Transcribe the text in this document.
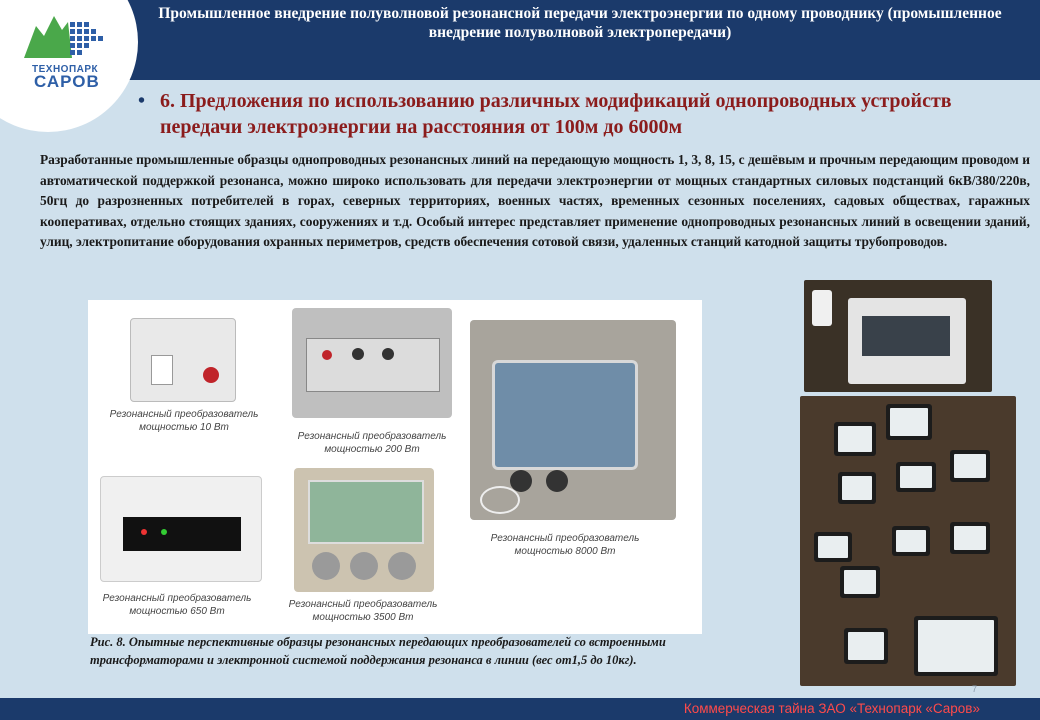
Промышленное внедрение полуволновой резонансной передачи электроэнергии по одному проводнику (промышленное внедрение полуволновой электропередачи)
ТЕХНОПАРК
САРОВ
• 6. Предложения по использованию различных модификаций однопроводных устройств передачи электроэнергии на расстояния от 100м до 6000м
Разработанные промышленные образцы однопроводных резонансных линий на передающую мощность 1, 3, 8, 15, с дешёвым и прочным передающим проводом и автоматической поддержкой резонанса, можно широко использовать для передачи электроэнергии от мощных стандартных силовых подстанций 6кВ/380/220в, 50гц до разрозненных потребителей в горах, северных территориях, военных частях, временных сезонных поселениях, садовых обществах, гаражных кооперативах, отдельно стоящих зданиях, сооружениях и т.д. Особый интерес представляет применение однопроводных резонансных линий в освещении зданий, улиц, электропитание оборудования охранных периметров, средств обеспечения сотовой связи, удаленных станций катодной защиты трубопроводов.
Резонансный преобразователь мощностью 10 Вт
Резонансный преобразователь мощностью 200 Вт
Резонансный преобразователь мощностью 8000 Вт
Резонансный преобразователь мощностью 650 Вт
Резонансный преобразователь мощностью 3500 Вт
Рис. 8. Опытные перспективные образцы резонансных передающих преобразователей со встроенными трансформаторами и электронной системой поддержания резонанса в линии (вес от1,5 до 10кг).
7
Коммерческая тайна ЗАО «Технопарк «Саров»
